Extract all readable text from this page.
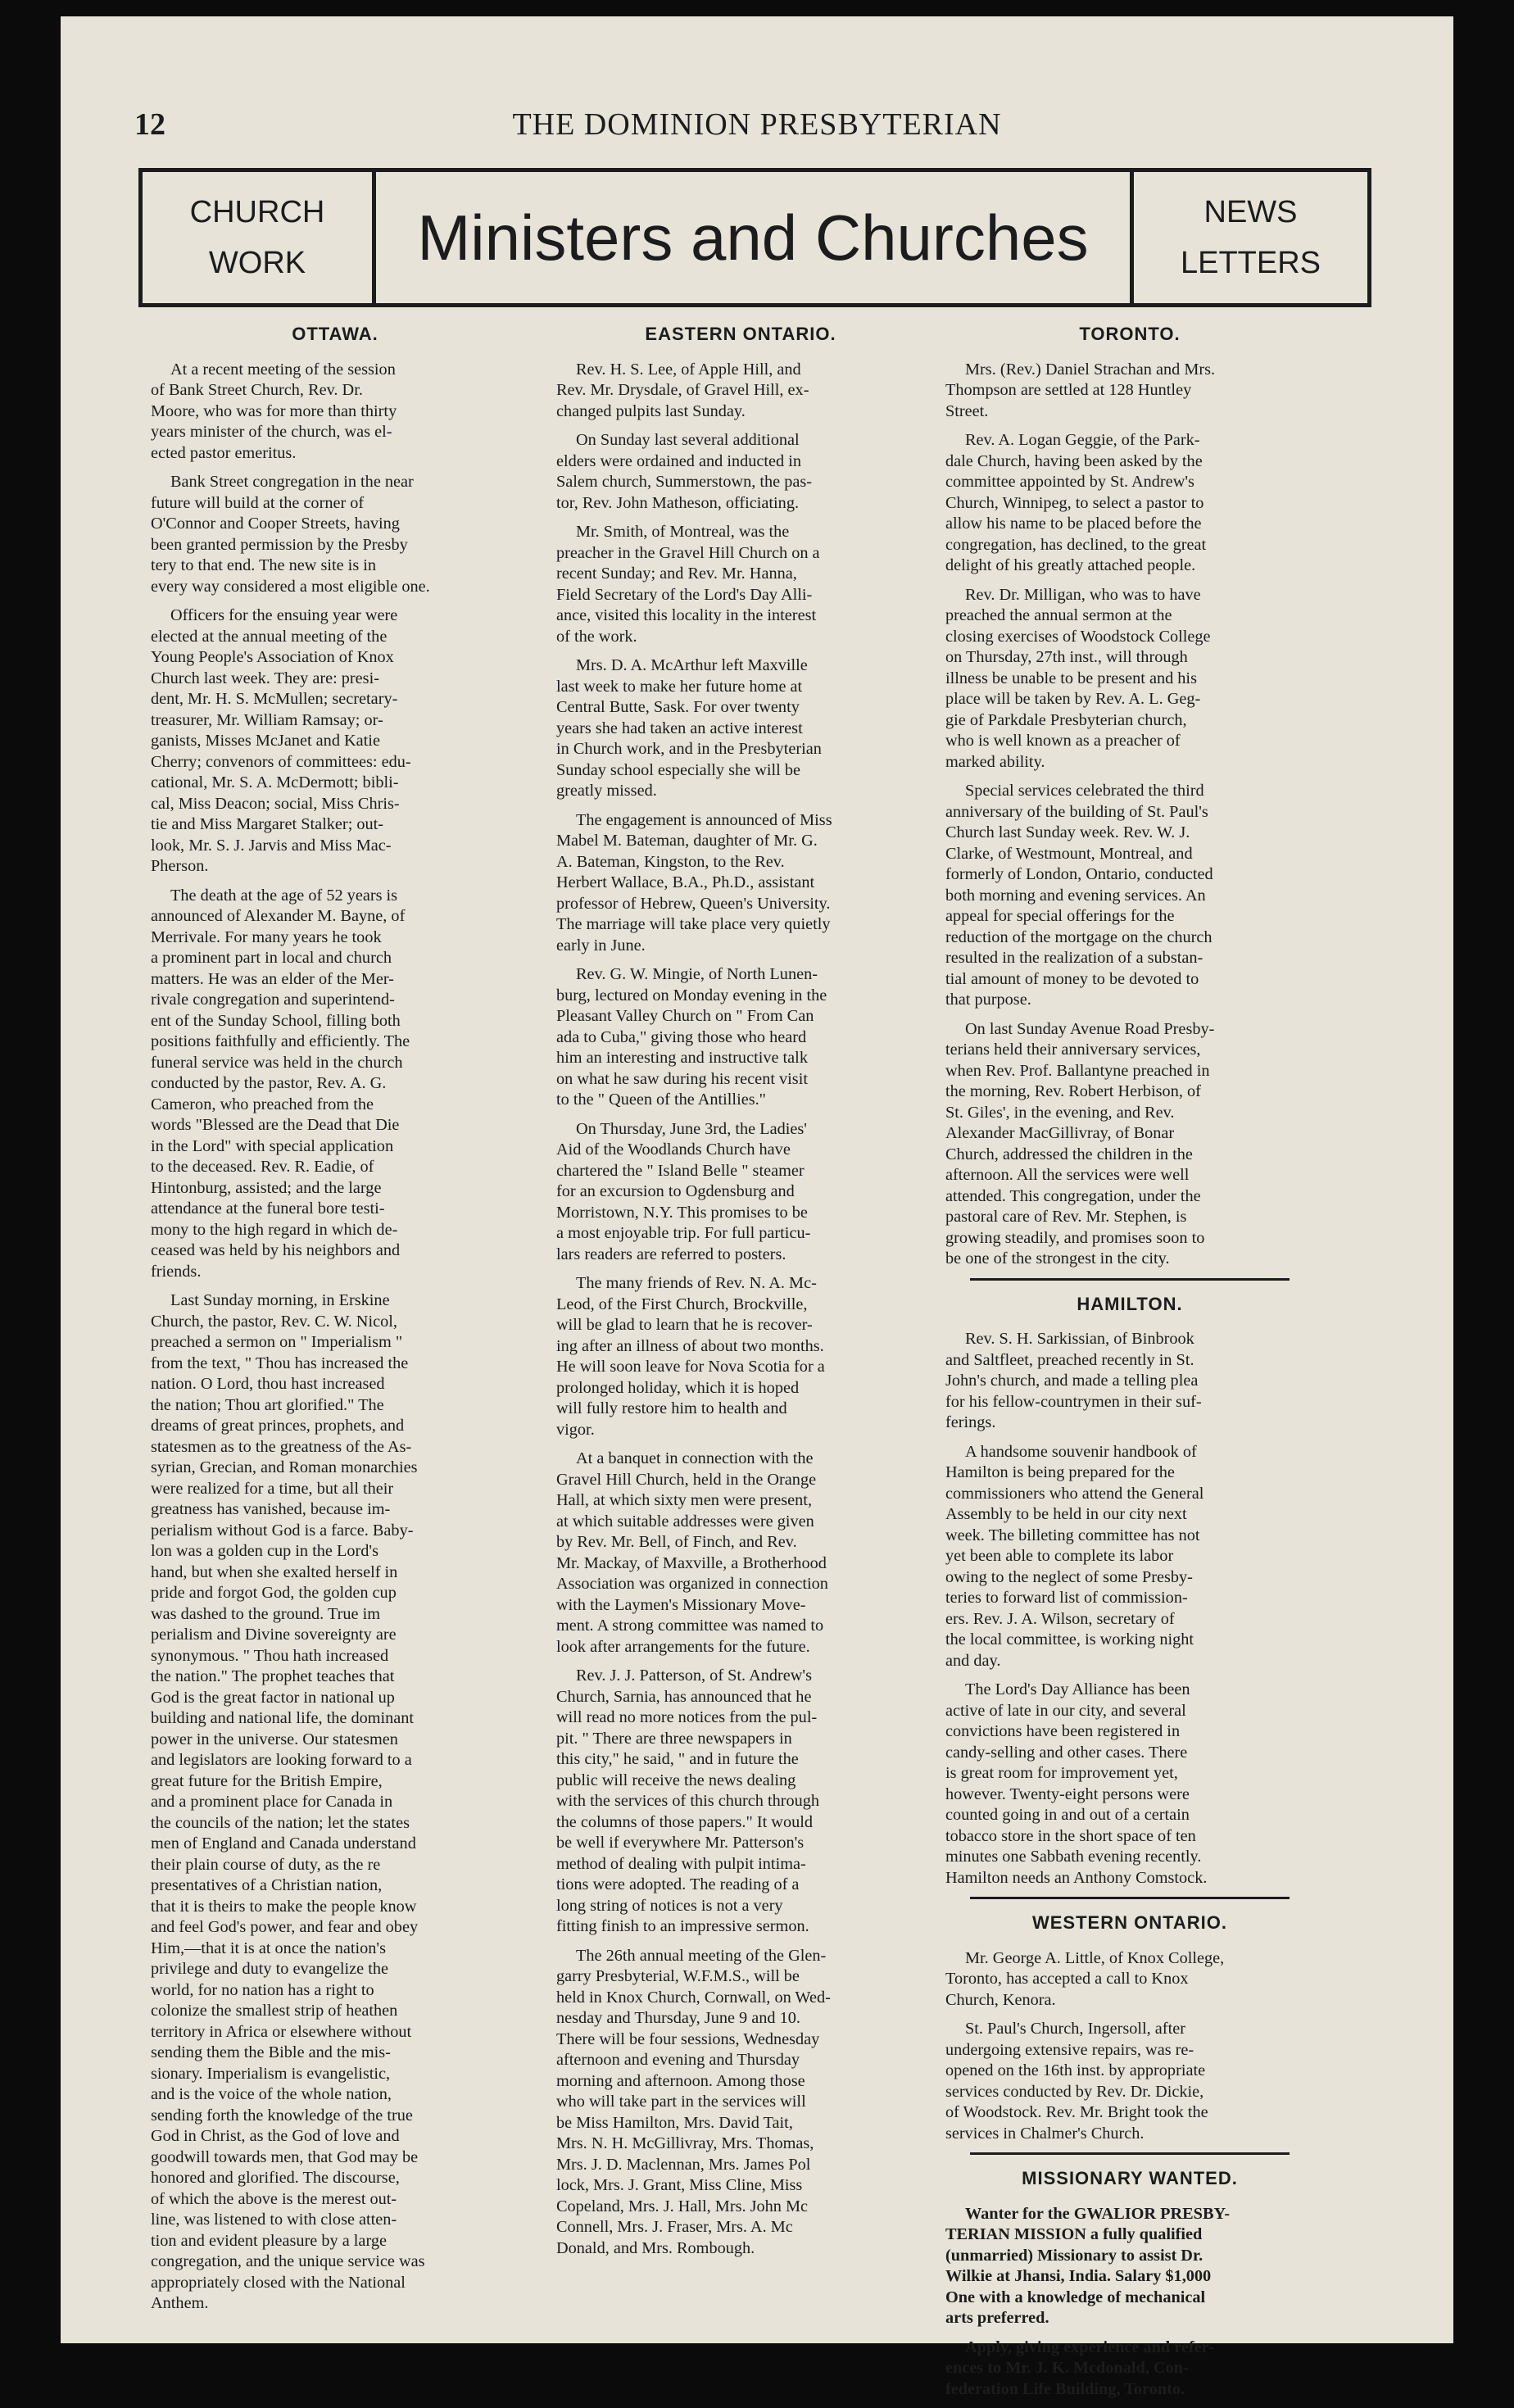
12	THE DOMINION PRESBYTERIAN
CHURCH
WORK	Ministers and Churches	NEWS
LETTERS
OTTAWA.

At a recent meeting of the session
of Bank Street Church, Rev. Dr.
Moore, who was for more than thirty
years minister of the church, was el-
ected pastor emeritus.

Bank Street congregation in the near
future will build at the corner of
O'Connor and Cooper Streets, having
been granted permission by the Presby
tery to that end. The new site is in
every way considered a most eligible one.

Officers for the ensuing year were
elected at the annual meeting of the
Young People's Association of Knox
Church last week. They are: presi-
dent, Mr. H. S. McMullen; secretary-
treasurer, Mr. William Ramsay; or-
ganists, Misses McJanet and Katie
Cherry; convenors of committees: edu-
cational, Mr. S. A. McDermott; bibli-
cal, Miss Deacon; social, Miss Chris-
tie and Miss Margaret Stalker; out-
look, Mr. S. J. Jarvis and Miss Mac-
Pherson.

The death at the age of 52 years is
announced of Alexander M. Bayne, of
Merrivale. For many years he took
a prominent part in local and church
matters. He was an elder of the Mer-
rivale congregation and superintend-
ent of the Sunday School, filling both
positions faithfully and efficiently. The
funeral service was held in the church
conducted by the pastor, Rev. A. G.
Cameron, who preached from the
words "Blessed are the Dead that Die
in the Lord" with special application
to the deceased. Rev. R. Eadie, of
Hintonburg, assisted; and the large
attendance at the funeral bore testi-
mony to the high regard in which de-
ceased was held by his neighbors and
friends.

Last Sunday morning, in Erskine
Church, the pastor, Rev. C. W. Nicol,
preached a sermon on " Imperialism "
from the text, " Thou has increased the
nation. O Lord, thou hast increased
the nation; Thou art glorified." The
dreams of great princes, prophets, and
statesmen as to the greatness of the As-
syrian, Grecian, and Roman monarchies
were realized for a time, but all their
greatness has vanished, because im-
perialism without God is a farce. Baby-
lon was a golden cup in the Lord's
hand, but when she exalted herself in
pride and forgot God, the golden cup
was dashed to the ground. True im
perialism and Divine sovereignty are
synonymous. " Thou hath increased
the nation." The prophet teaches that
God is the great factor in national up
building and national life, the dominant
power in the universe. Our statesmen
and legislators are looking forward to a
great future for the British Empire,
and a prominent place for Canada in
the councils of the nation; let the states
men of England and Canada understand
their plain course of duty, as the re
presentatives of a Christian nation,
that it is theirs to make the people know
and feel God's power, and fear and obey
Him,—that it is at once the nation's
privilege and duty to evangelize the
world, for no nation has a right to
colonize the smallest strip of heathen
territory in Africa or elsewhere without
sending them the Bible and the mis-
sionary. Imperialism is evangelistic,
and is the voice of the whole nation,
sending forth the knowledge of the true
God in Christ, as the God of love and
goodwill towards men, that God may be
honored and glorified. The discourse,
of which the above is the merest out-
line, was listened to with close atten-
tion and evident pleasure by a large
congregation, and the unique service was
appropriately closed with the National
Anthem.

EASTERN ONTARIO.

Rev. H. S. Lee, of Apple Hill, and
Rev. Mr. Drysdale, of Gravel Hill, ex-
changed pulpits last Sunday.

On Sunday last several additional
elders were ordained and inducted in
Salem church, Summerstown, the pas-
tor, Rev. John Matheson, officiating.

Mr. Smith, of Montreal, was the
preacher in the Gravel Hill Church on a
recent Sunday; and Rev. Mr. Hanna,
Field Secretary of the Lord's Day Alli-
ance, visited this locality in the interest
of the work.

Mrs. D. A. McArthur left Maxville
last week to make her future home at
Central Butte, Sask. For over twenty
years she had taken an active interest
in Church work, and in the Presbyterian
Sunday school especially she will be
greatly missed.

The engagement is announced of Miss
Mabel M. Bateman, daughter of Mr. G.
A. Bateman, Kingston, to the Rev.
Herbert Wallace, B.A., Ph.D., assistant
professor of Hebrew, Queen's University.
The marriage will take place very quietly
early in June.

Rev. G. W. Mingie, of North Lunen-
burg, lectured on Monday evening in the
Pleasant Valley Church on " From Can
ada to Cuba," giving those who heard
him an interesting and instructive talk
on what he saw during his recent visit
to the " Queen of the Antillies."

On Thursday, June 3rd, the Ladies'
Aid of the Woodlands Church have
chartered the " Island Belle " steamer
for an excursion to Ogdensburg and
Morristown, N.Y. This promises to be
a most enjoyable trip. For full particu-
lars readers are referred to posters.

The many friends of Rev. N. A. Mc-
Leod, of the First Church, Brockville,
will be glad to learn that he is recover-
ing after an illness of about two months.
He will soon leave for Nova Scotia for a
prolonged holiday, which it is hoped
will fully restore him to health and
vigor.

At a banquet in connection with the
Gravel Hill Church, held in the Orange
Hall, at which sixty men were present,
at which suitable addresses were given
by Rev. Mr. Bell, of Finch, and Rev.
Mr. Mackay, of Maxville, a Brotherhood
Association was organized in connection
with the Laymen's Missionary Move-
ment. A strong committee was named to
look after arrangements for the future.

Rev. J. J. Patterson, of St. Andrew's
Church, Sarnia, has announced that he
will read no more notices from the pul-
pit. " There are three newspapers in
this city," he said, " and in future the
public will receive the news dealing
with the services of this church through
the columns of those papers." It would
be well if everywhere Mr. Patterson's
method of dealing with pulpit intima-
tions were adopted. The reading of a
long string of notices is not a very
fitting finish to an impressive sermon.

The 26th annual meeting of the Glen-
garry Presbyterial, W.F.M.S., will be
held in Knox Church, Cornwall, on Wed-
nesday and Thursday, June 9 and 10.
There will be four sessions, Wednesday
afternoon and evening and Thursday
morning and afternoon. Among those
who will take part in the services will
be Miss Hamilton, Mrs. David Tait,
Mrs. N. H. McGillivray, Mrs. Thomas,
Mrs. J. D. Maclennan, Mrs. James Pol
lock, Mrs. J. Grant, Miss Cline, Miss
Copeland, Mrs. J. Hall, Mrs. John Mc
Connell, Mrs. J. Fraser, Mrs. A. Mc
Donald, and Mrs. Rombough.

TORONTO.

Mrs. (Rev.) Daniel Strachan and Mrs.
Thompson are settled at 128 Huntley
Street.

Rev. A. Logan Geggie, of the Park-
dale Church, having been asked by the
committee appointed by St. Andrew's
Church, Winnipeg, to select a pastor to
allow his name to be placed before the
congregation, has declined, to the great
delight of his greatly attached people.

Rev. Dr. Milligan, who was to have
preached the annual sermon at the
closing exercises of Woodstock College
on Thursday, 27th inst., will through
illness be unable to be present and his
place will be taken by Rev. A. L. Geg-
gie of Parkdale Presbyterian church,
who is well known as a preacher of
marked ability.

Special services celebrated the third
anniversary of the building of St. Paul's
Church last Sunday week. Rev. W. J.
Clarke, of Westmount, Montreal, and
formerly of London, Ontario, conducted
both morning and evening services. An
appeal for special offerings for the
reduction of the mortgage on the church
resulted in the realization of a substan-
tial amount of money to be devoted to
that purpose.

On last Sunday Avenue Road Presby-
terians held their anniversary services,
when Rev. Prof. Ballantyne preached in
the morning, Rev. Robert Herbison, of
St. Giles', in the evening, and Rev.
Alexander MacGillivray, of Bonar
Church, addressed the children in the
afternoon. All the services were well
attended. This congregation, under the
pastoral care of Rev. Mr. Stephen, is
growing steadily, and promises soon to
be one of the strongest in the city.

HAMILTON.

Rev. S. H. Sarkissian, of Binbrook
and Saltfleet, preached recently in St.
John's church, and made a telling plea
for his fellow-countrymen in their suf-
ferings.

A handsome souvenir handbook of
Hamilton is being prepared for the
commissioners who attend the General
Assembly to be held in our city next
week. The billeting committee has not
yet been able to complete its labor
owing to the neglect of some Presby-
teries to forward list of commission-
ers. Rev. J. A. Wilson, secretary of
the local committee, is working night
and day.

The Lord's Day Alliance has been
active of late in our city, and several
convictions have been registered in
candy-selling and other cases. There
is great room for improvement yet,
however. Twenty-eight persons were
counted going in and out of a certain
tobacco store in the short space of ten
minutes one Sabbath evening recently.
Hamilton needs an Anthony Comstock.

WESTERN ONTARIO.

Mr. George A. Little, of Knox College,
Toronto, has accepted a call to Knox
Church, Kenora.

St. Paul's Church, Ingersoll, after
undergoing extensive repairs, was re-
opened on the 16th inst. by appropriate
services conducted by Rev. Dr. Dickie,
of Woodstock. Rev. Mr. Bright took the
services in Chalmer's Church.

MISSIONARY WANTED.

Wanter for the GWALIOR PRESBY-
TERIAN MISSION a fully qualified
(unmarried) Missionary to assist Dr.
Wilkie at Jhansi, India. Salary $1,000
One with a knowledge of mechanical
arts preferred.

Apply, giving experience and refer-
ences to Mr. J. K. Mcdonald, Con-
federation Life Building, Toronto.
